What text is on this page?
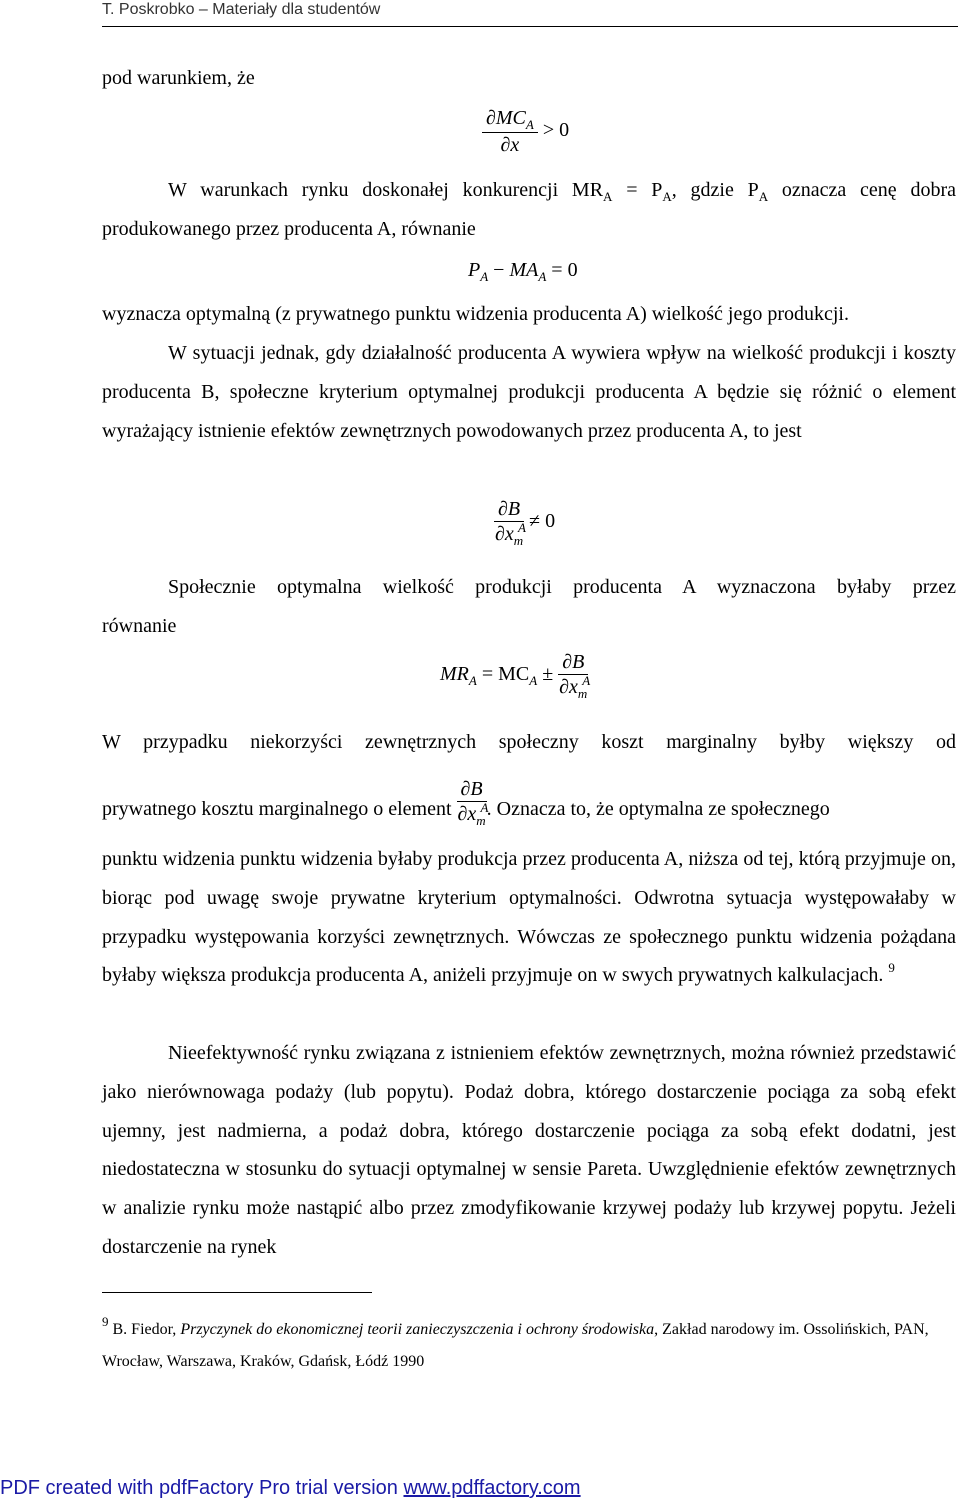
T. Poskrobko – Materiały dla studentów
pod warunkiem, że
$\frac{\partial MC_A}{\partial x} > 0$
W warunkach rynku doskonałej konkurencji $MR_A = P_A$, gdzie $P_A$ oznacza cenę dobra
produkowanego przez producenta A, równanie
$P_A - MA_A = 0$
wyznacza optymalną (z prywatnego punktu widzenia producenta A) wielkość jego produkcji.

W sytuacji jednak, gdy działalność producenta A wywiera wpływ na wielkość produkcji i koszty producenta B, społeczne kryterium optymalnej produkcji producenta A będzie się różnić o element wyrażający istnienie efektów zewnętrznych powodowanych przez producenta A, to jest

∂B
$\partial x_m$
A ≠ 0
Społecznie optymalna wielkość produkcji producenta A wyznaczona byłaby przez
równanie
$MR_A = MC_A \pm \partial B$
$\partial x_m$
A
W przypadku niekorzyści zewnętrznych społeczny koszt marginalny byłby większy od
prywatnego kosztu marginalnego o element ∂B
$\partial x_m$
A . Oznacza to, że optymalna ze społecznego

punktu widzenia punktu widzenia byłaby produkcja przez producenta A, niższa od tej, którą przyjmuje on, biorąc pod uwagę swoje prywatne kryterium optymalności. Odwrotna sytuacja występowałaby w przypadku występowania korzyści zewnętrznych. Wówczas ze społecznego punktu widzenia pożądana byłaby większa produkcja producenta A, aniżeli przyjmuje on w swych prywatnych kalkulacjach. $^9$

Nieefektywność rynku związana z istnieniem efektów zewnętrznych, można również przedstawić jako nierównowaga podaży (lub popytu). Podaż dobra, którego dostarczenie pociąga za sobą efekt ujemny, jest nadmierna, a podaż dobra, którego dostarczenie pociąga za sobą efekt dodatni, jest niedostateczna w stosunku do sytuacji optymalnej w sensie Pareta. Uwzględnienie efektów zewnętrznych w analizie rynku może nastąpić albo przez zmodyfikowanie krzywej podaży lub krzywej popytu. Jeżeli dostarczenie na rynek

$^9$ B. Fiedor, Przyczynek do ekonomicznej teorii zanieczyszczenia i ochrony środowiska, Zakład narodowy im. Ossolińskich, PAN, Wrocław, Warszawa, Kraków, Gdańsk, Łódź 1990
PDF created with pdfFactory Pro trial version www.pdffactory.com
